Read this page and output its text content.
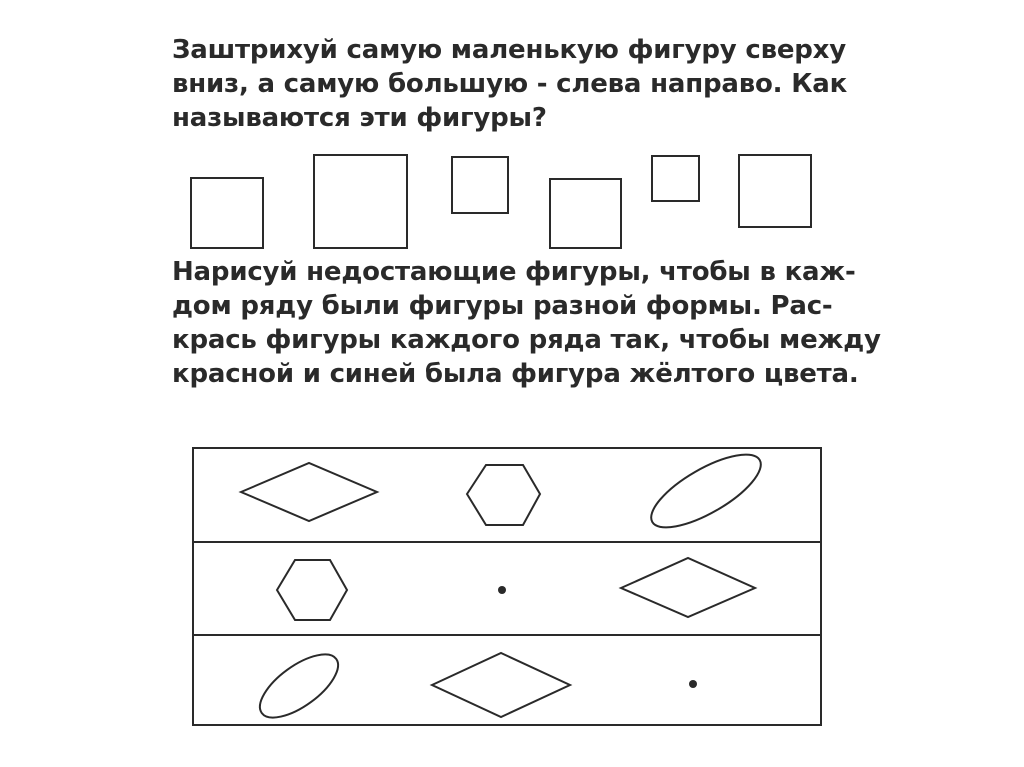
Заштрихуй самую маленькую фигуру сверху
вниз, а самую большую - слева направо. Как
называются эти фигуры?
Нарисуй недостающие фигуры, чтобы в каж-
дом ряду были фигуры разной формы. Рас-
крась фигуры каждого ряда так, чтобы между
красной и синей была фигура жёлтого цвета.
